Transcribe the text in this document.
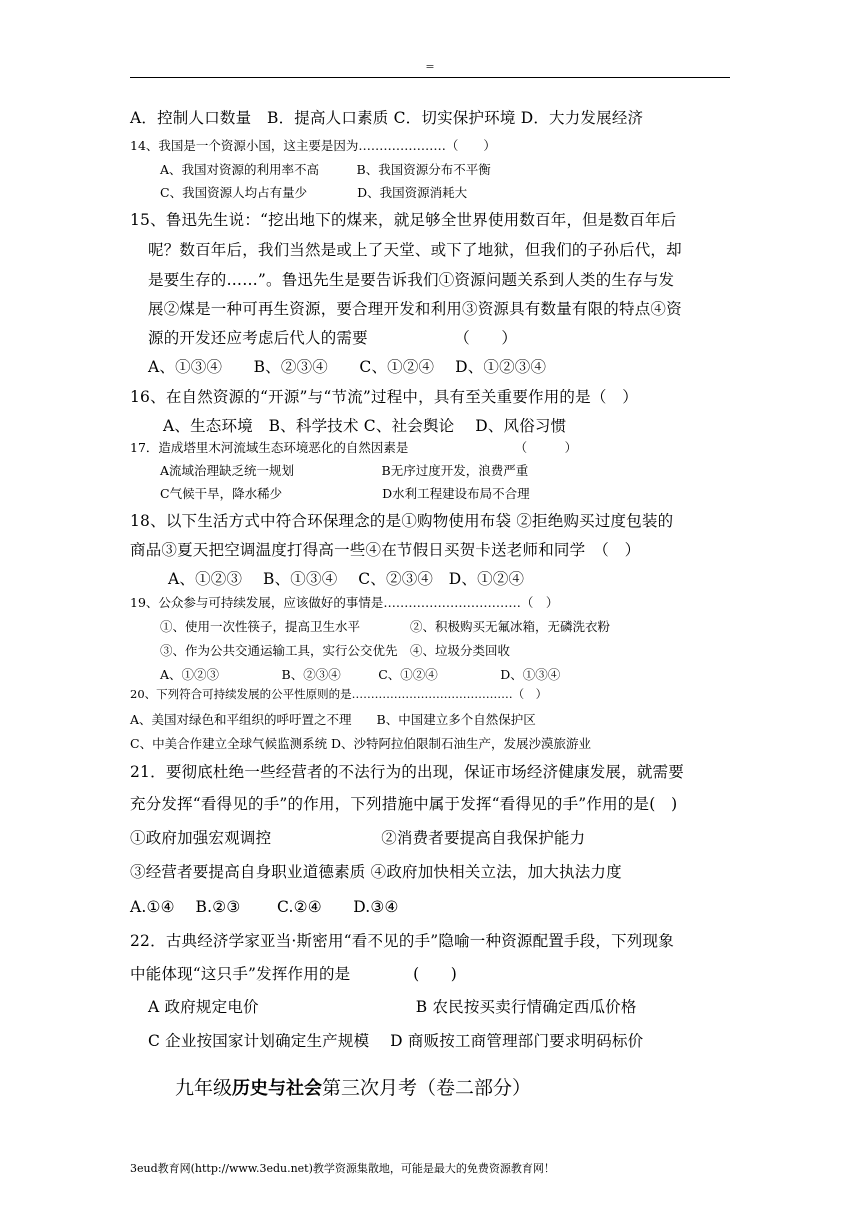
=
A．控制人口数量　B．提高人口素质 C．切实保护环境 D．大力发展经济
14、我国是一个资源小国，这主要是因为…………………（　　）
A、我国对资源的利用率不高　　　B、我国资源分布不平衡
C、我国资源人均占有量少　　　　D、我国资源消耗大
15、鲁迅先生说：“挖出地下的煤来，就足够全世界使用数百年，但是数百年后
呢？数百年后，我们当然是或上了天堂、或下了地狱，但我们的子孙后代，却
是要生存的……”。鲁迅先生是要告诉我们①资源问题关系到人类的生存与发
展②煤是一种可再生资源，要合理开发和利用③资源具有数量有限的特点④资
源的开发还应考虑后代人的需要　　　　　　（　　）
A、①③④　　B、②③④　　C、①②④　 D、①②③④
16、在自然资源的“开源”与“节流”过程中，具有至关重要作用的是（　）
A、生态环境　B、科学技术 C、社会舆论　 D、风俗习惯
17．造成塔里木河流域生态环境恶化的自然因素是　　　　　　　　　（　　　）
A流域治理缺乏统一规划　　　　　　　B无序过度开发，浪费严重
C气候干旱，降水稀少　　　　　　　　D水利工程建设布局不合理
18、以下生活方式中符合环保理念的是①购物使用布袋 ②拒绝购买过度包装的
商品③夏天把空调温度打得高一些④在节假日买贺卡送老师和同学　（　）
A、①②③　 B、①③④　 C、②③④　D、①②④
19、公众参与可持续发展，应该做好的事情是……………………………（　）
①、使用一次性筷子，提高卫生水平　　　　②、积极购买无氟冰箱，无磷洗衣粉
③、作为公共交通运输工具，实行公交优先　④、垃圾分类回收
A、①②③　　　　　B、②③④　　　C、①②④　　　　　D、①③④
20、下列符合可持续发展的公平性原则的是……………………………………（　）
A、美国对绿色和平组织的呼吁置之不理　　B、中国建立多个自然保护区
C、中美合作建立全球气候监测系统 D、沙特阿拉伯限制石油生产，发展沙漠旅游业
21．要彻底杜绝一些经营者的不法行为的出现，保证市场经济健康发展，就需要
充分发挥“看得见的手”的作用，下列措施中属于发挥“看得见的手”作用的是(　)
①政府加强宏观调控　　　　　　　②消费者要提高自我保护能力
③经营者要提高自身职业道德素质 ④政府加快相关立法，加大执法力度
A.①④　 B.②③　　 C.②④　　D.③④
22．古典经济学家亚当·斯密用“看不见的手”隐喻一种资源配置手段，下列现象
中能体现“这只手”发挥作用的是　　　　(　　)
A 政府规定电价　　　　　　　　　　B 农民按买卖行情确定西瓜价格
C 企业按国家计划确定生产规模　 D 商贩按工商管理部门要求明码标价
九年级历史与社会第三次月考（卷二部分）
3eud教育网(http://www.3edu.net)教学资源集散地，可能是最大的免费资源教育网！
